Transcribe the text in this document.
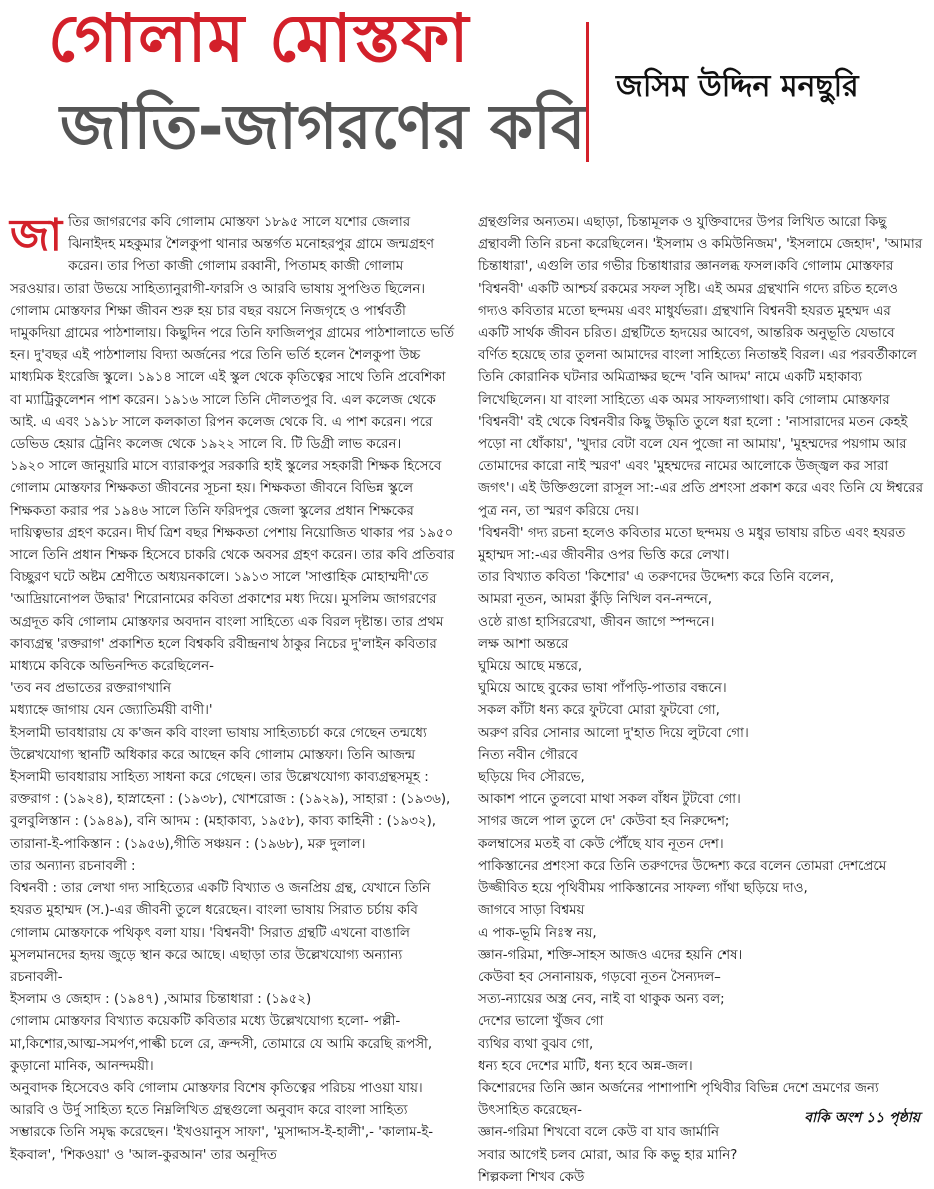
গোলাম মোস্তফা
জাতি-জাগরণের কবি
জসিম উদ্দিন মনছুরি

জাতির জাগরণের কবি গোলাম মোস্তফা ১৮৯৫ সালে যশোর জেলার ঝিনাইদহ মহকুমার শৈলকুপা থানার অন্তর্গত মনোহরপুর গ্রামে জন্মগ্রহণ করেন। তার পিতা কাজী গোলাম রব্বানী, পিতামহ কাজী গোলাম সরওয়ার। তারা উভয়ে সাহিত্যানুরাগী-ফারসি ও আরবি ভাষায় সুপণ্ডিত ছিলেন। গোলাম মোস্তফার শিক্ষা জীবন শুরু হয় চার বছর বয়সে নিজগৃহে ও পার্শ্ববর্তী দামুকদিয়া গ্রামের পাঠশালায়। কিছুদিন পরে তিনি ফাজিলপুর গ্রামের পাঠশালাতে ভর্তি হন। দু'বছর এই পাঠশালায় বিদ্যা অর্জনের পরে তিনি ভর্তি হলেন শৈলকুপা উচ্চ মাধ্যমিক ইংরেজি স্কুলে। ১৯১৪ সালে এই স্কুল থেকে কৃতিত্বের সাথে তিনি প্রবেশিকা বা ম্যাট্রিকুলেশন পাশ করেন। ১৯১৬ সালে তিনি দৌলতপুর বি. এল কলেজ থেকে আই. এ এবং ১৯১৮ সালে কলকাতা রিপন কলেজ থেকে বি. এ পাশ করেন। পরে ডেভিড হেয়ার ট্রেনিং কলেজ থেকে ১৯২২ সালে বি. টি ডিগ্রী লাভ করেন।

১৯২০ সালে জানুয়ারি মাসে ব্যারাকপুর সরকারি হাই স্কুলের সহকারী শিক্ষক হিসেবে গোলাম মোস্তফার শিক্ষকতা জীবনের সূচনা হয়। শিক্ষকতা জীবনে বিভিন্ন স্কুলে শিক্ষকতা করার পর ১৯৪৬ সালে তিনি ফরিদপুর জেলা স্কুলের প্রধান শিক্ষকের দায়িত্বভার গ্রহণ করেন। দীর্ঘ ত্রিশ বছর শিক্ষকতা পেশায় নিয়োজিত থাকার পর ১৯৫০ সালে তিনি প্রধান শিক্ষক হিসেবে চাকরি থেকে অবসর গ্রহণ করেন। তার কবি প্রতিবার বিচ্ছুরণ ঘটে অষ্টম শ্রেণীতে অধ্যয়নকালে। ১৯১৩ সালে 'সাপ্তাহিক মোহাম্মদী'তে 'আদ্রিয়ানোপল উদ্ধার' শিরোনামের কবিতা প্রকাশের মধ্য দিয়ে। মুসলিম জাগরণের অগ্রদূত কবি গোলাম মোস্তফার অবদান বাংলা সাহিত্যে এক বিরল দৃষ্টান্ত। তার প্রথম কাব্যগ্রন্থ 'রক্তরাগ' প্রকাশিত হলে বিশ্বকবি রবীন্দ্রনাথ ঠাকুর নিচের দু'লাইন কবিতার মাধ্যমে কবিকে অভিনন্দিত করেছিলেন-

'তব নব প্রভাতের রক্তরাগখানি

মধ্যাহ্নে জাগায় যেন জ্যোতির্ময়ী বাণী।'

ইসলামী ভাবধারায় যে ক'জন কবি বাংলা ভাষায় সাহিত্যচর্চা করে গেছেন তন্মধ্যে উল্লেখযোগ্য স্থানটি অধিকার করে আছেন কবি গোলাম মোস্তফা। তিনি আজন্ম ইসলামী ভাবধারায় সাহিত্য সাধনা করে গেছেন। তার উল্লেখযোগ্য কাব্যগ্রন্থসমূহ : রক্তরাগ : (১৯২৪), হাস্নাহেনা : (১৯৩৮), খোশরোজ : (১৯২৯), সাহারা : (১৯৩৬), বুলবুলিস্তান : (১৯৪৯), বনি আদম : (মহাকাব্য, ১৯৫৮), কাব্য কাহিনী : (১৯৩২), তারানা-ই-পাকিস্তান : (১৯৫৬),গীতি সঞ্চয়ন : (১৯৬৮), মরু দুলাল।

তার অন্যান্য রচনাবলী :

বিশ্বনবী : তার লেখা গদ্য সাহিত্যের একটি বিখ্যাত ও জনপ্রিয় গ্রন্থ, যেখানে তিনি হযরত মুহাম্মদ (স.)-এর জীবনী তুলে ধরেছেন। বাংলা ভাষায় সিরাত চর্চায় কবি গোলাম মোস্তফাকে পথিকৃৎ বলা যায়। 'বিশ্বনবী' সিরাত গ্রন্থটি এখনো বাঙালি মুসলমানদের হৃদয় জুড়ে স্থান করে আছে। এছাড়া তার উল্লেখযোগ্য অন্যান্য রচনাবলী-

ইসলাম ও জেহাদ : (১৯৪৭) ,আমার চিন্তাধারা : (১৯৫২)

গোলাম মোস্তফার বিখ্যাত কয়েকটি কবিতার মধ্যে উল্লেখযোগ্য হলো- পল্লী-মা,কিশোর,আত্ম-সমর্পণ,পাল্কী চলে রে, ক্রন্দসী, তোমারে যে আমি করেছি রূপসী, কুড়ানো মানিক, আনন্দময়ী।

অনুবাদক হিসেবেও কবি গোলাম মোস্তফার বিশেষ কৃতিত্বের পরিচয় পাওয়া যায়। আরবি ও উর্দু সাহিত্য হতে নিম্নলিখিত গ্রন্থগুলো অনুবাদ করে বাংলা সাহিত্য সম্ভারকে তিনি সমৃদ্ধ করেছেন। 'ইখওয়ানুস সাফা', 'মুসাদ্দাস-ই-হালী',- 'কালাম-ই-ইকবাল', 'শিকওয়া' ও 'আল-কুরআন' তার অনূদিত

গ্রন্থগুলির অন্যতম। এছাড়া, চিন্তামূলক ও যুক্তিবাদের উপর লিখিত আরো কিছু গ্রন্থাবলী তিনি রচনা করেছিলেন। 'ইসলাম ও কমিউনিজম', 'ইসলামে জেহাদ', 'আমার চিন্তাধারা', এগুলি তার গভীর চিন্তাধারার জ্ঞানলব্ধ ফসল।কবি গোলাম মোস্তফার 'বিশ্বনবী' একটি আশ্চর্য রকমের সফল সৃষ্টি। এই অমর গ্রন্থখানি গদ্যে রচিত হলেও গদ্যও কবিতার মতো ছন্দময় এবং মাধুর্যভরা। গ্রন্থখানি বিশ্বনবী হযরত মুহম্মদ এর একটি সার্থক জীবন চরিত। গ্রন্থটিতে হৃদয়ের আবেগ, আন্তরিক অনুভূতি যেভাবে বর্ণিত হয়েছে তার তুলনা আমাদের বাংলা সাহিত্যে নিতান্তই বিরল। এর পরবর্তীকালে তিনি কোরানিক ঘটনার অমিত্রাক্ষর ছন্দে 'বনি আদম' নামে একটি মহাকাব্য লিখেছিলেন। যা বাংলা সাহিত্যে এক অমর সাফল্যগাথা। কবি গোলাম মোস্তফার 'বিশ্বনবী' বই থেকে বিশ্বনবীর কিছু উদ্ধৃতি তুলে ধরা হলো : 'নাসারাদের মতন কেহই পড়ো না ধোঁকায়', 'খুদার বেটা বলে যেন পুজো না আমায়', 'মুহম্মদের পয়গাম আর তোমাদের কারো নাই স্মরণ' এবং 'মুহম্মদের নামের আলোকে উজ্জ্বল কর সারা জগৎ'। এই উক্তিগুলো রাসূল সা:-এর প্রতি প্রশংসা প্রকাশ করে এবং তিনি যে ঈশ্বরের পুত্র নন, তা স্মরণ করিয়ে দেয়।

'বিশ্বনবী' গদ্য রচনা হলেও কবিতার মতো ছন্দময় ও মধুর ভাষায় রচিত এবং হযরত মুহাম্মদ সা:-এর জীবনীর ওপর ভিত্তি করে লেখা।

তার বিখ্যাত কবিতা 'কিশোর' এ তরুণদের উদ্দেশ্য করে তিনি বলেন,

আমরা নূতন, আমরা কুঁড়ি নিখিল বন-নন্দনে,

ওষ্ঠে রাঙা হাসিররেখা, জীবন জাগে স্পন্দনে।

লক্ষ আশা অন্তরে

ঘুমিয়ে আছে মন্তরে,

ঘুমিয়ে আছে বুকের ভাষা পাঁপড়ি-পাতার বন্ধনে।

সকল কাঁটা ধন্য করে ফুটবো মোরা ফুটবো গো,

অরুণ রবির সোনার আলো দু'হাত দিয়ে লুটবো গো।

নিত্য নবীন গৌরবে

ছড়িয়ে দিব সৌরভে,

আকাশ পানে তুলবো মাথা সকল বাঁধন টুটবো গো।

সাগর জলে পাল তুলে দে' কেউবা হব নিরুদ্দেশ;

কলম্বাসের মতই বা কেউ পৌঁছে যাব নূতন দেশ।

পাকিস্তানের প্রশংসা করে তিনি তরুণদের উদ্দেশ্য করে বলেন তোমরা দেশপ্রেমে উজ্জীবিত হয়ে পৃথিবীময় পাকিস্তানের সাফল্য গাঁথা ছড়িয়ে দাও,

জাগবে সাড়া বিশ্বময়

এ পাক-ভূমি নিঃস্ব নয়,

জ্ঞান-গরিমা, শক্তি-সাহস আজও এদের হয়নি শেষ।

কেউবা হব সেনানায়ক, গড়বো নূতন সৈন্যদল–

সত্য-ন্যায়ের অস্ত্র নেব, নাই বা থাকুক অন্য বল;

দেশের ভালো খুঁজব গো

ব্যথির ব্যথা বুঝব গো,

ধন্য হবে দেশের মাটি, ধন্য হবে অন্ন-জল।

কিশোরদের তিনি জ্ঞান অর্জনের পাশাপাশি পৃথিবীর বিভিন্ন দেশে ভ্রমণের জন্য উৎসাহিত করেছেন-

জ্ঞান-গরিমা শিখবো বলে কেউ বা যাব জার্মানি

সবার আগেই চলব মোরা, আর কি কভু হার মানি?

শিল্পকলা শিখব কেউ

বাকি অংশ ১১ পৃষ্ঠায়
